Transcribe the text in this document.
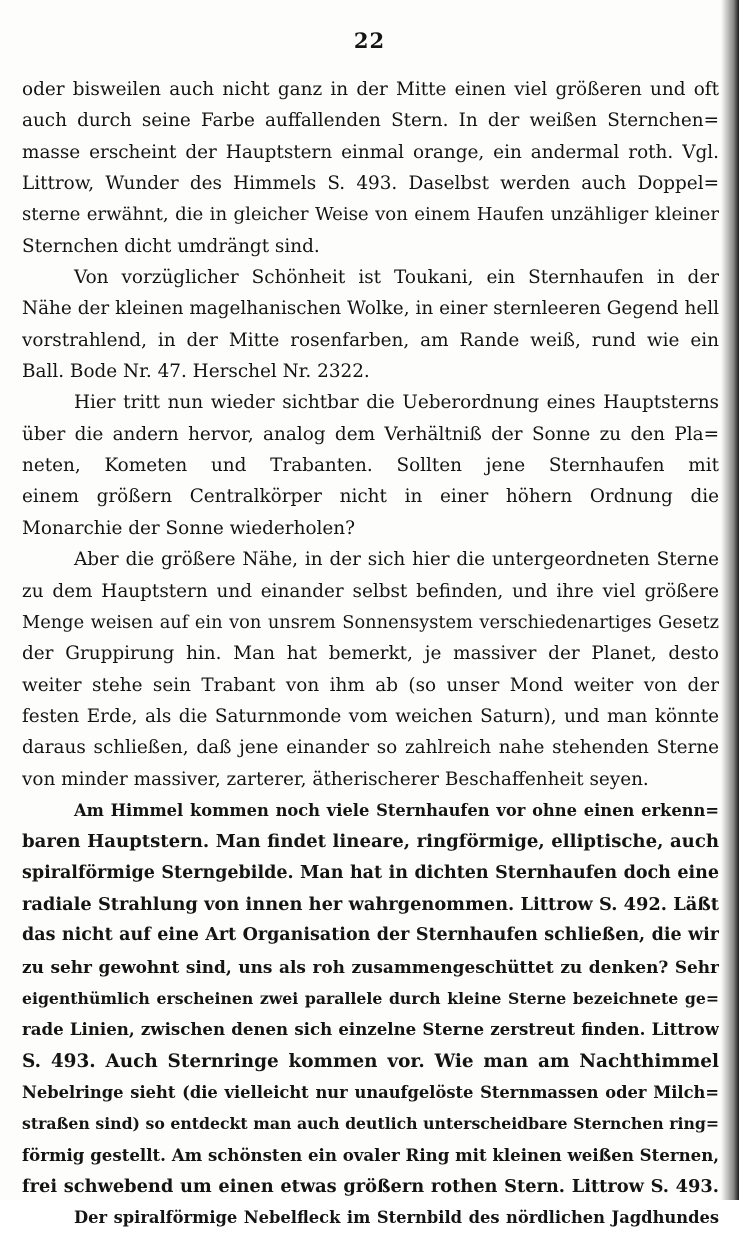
22
oder bisweilen auch nicht ganz in der Mitte einen viel größeren und oft
auch durch seine Farbe auffallenden Stern. In der weißen Sternchen=
masse erscheint der Hauptstern einmal orange, ein andermal roth. Vgl.
Littrow, Wunder des Himmels S. 493. Daselbst werden auch Doppel=
sterne erwähnt, die in gleicher Weise von einem Haufen unzähliger kleiner
Sternchen dicht umdrängt sind.
Von vorzüglicher Schönheit ist Toukani, ein Sternhaufen in der
Nähe der kleinen magelhanischen Wolke, in einer sternleeren Gegend hell
vorstrahlend, in der Mitte rosenfarben, am Rande weiß, rund wie ein
Ball. Bode Nr. 47. Herschel Nr. 2322.
Hier tritt nun wieder sichtbar die Ueberordnung eines Hauptsterns
über die andern hervor, analog dem Verhältniß der Sonne zu den Pla=
neten, Kometen und Trabanten. Sollten jene Sternhaufen mit
einem größern Centralkörper nicht in einer höhern Ordnung die
Monarchie der Sonne wiederholen?
Aber die größere Nähe, in der sich hier die untergeordneten Sterne
zu dem Hauptstern und einander selbst befinden, und ihre viel größere
Menge weisen auf ein von unsrem Sonnensystem verschiedenartiges Gesetz
der Gruppirung hin. Man hat bemerkt, je massiver der Planet, desto
weiter stehe sein Trabant von ihm ab (so unser Mond weiter von der
festen Erde, als die Saturnmonde vom weichen Saturn), und man könnte
daraus schließen, daß jene einander so zahlreich nahe stehenden Sterne
von minder massiver, zarterer, ätherischerer Beschaffenheit seyen.
Am Himmel kommen noch viele Sternhaufen vor ohne einen erkenn=
baren Hauptstern. Man findet lineare, ringförmige, elliptische, auch
spiralförmige Sterngebilde. Man hat in dichten Sternhaufen doch eine
radiale Strahlung von innen her wahrgenommen. Littrow S. 492. Läßt
das nicht auf eine Art Organisation der Sternhaufen schließen, die wir
zu sehr gewohnt sind, uns als roh zusammengeschüttet zu denken? Sehr
eigenthümlich erscheinen zwei parallele durch kleine Sterne bezeichnete ge=
rade Linien, zwischen denen sich einzelne Sterne zerstreut finden. Littrow
S. 493. Auch Sternringe kommen vor. Wie man am Nachthimmel
Nebelringe sieht (die vielleicht nur unaufgelöste Sternmassen oder Milch=
straßen sind) so entdeckt man auch deutlich unterscheidbare Sternchen ring=
förmig gestellt. Am schönsten ein ovaler Ring mit kleinen weißen Sternen,
frei schwebend um einen etwas größern rothen Stern. Littrow S. 493.
Der spiralförmige Nebelfleck im Sternbild des nördlichen Jagdhundes
